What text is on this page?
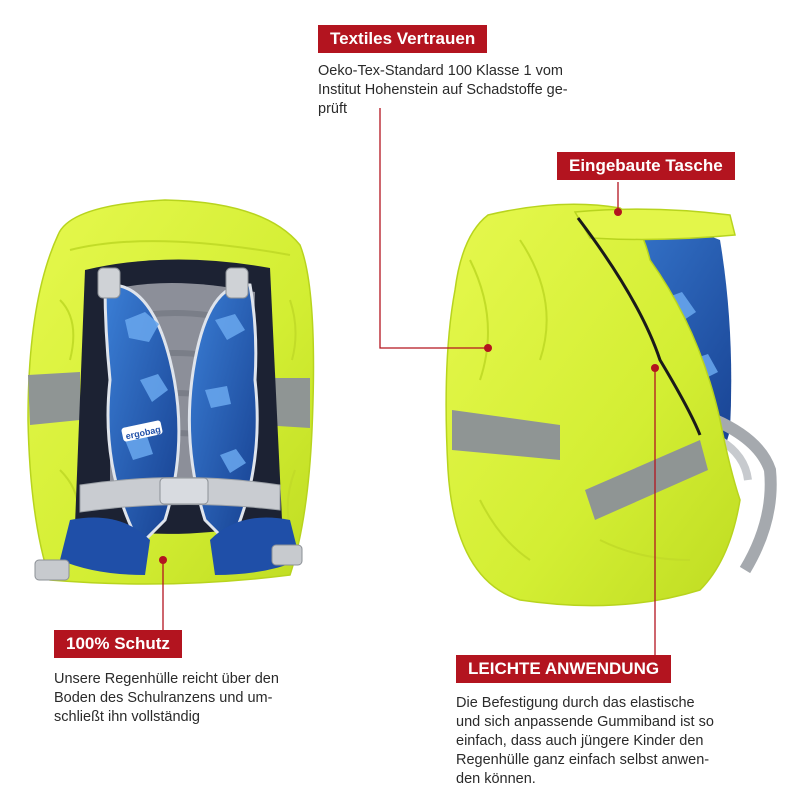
ergobag
Textiles Vertrauen
Oeko-Tex-Standard 100 Klasse 1 vom
Institut Hohenstein auf Schadstoffe ge-
prüft
Eingebaute Tasche
100% Schutz
Unsere Regenhülle reicht über den
Boden des Schulranzens und um-
schließt ihn vollständig
LEICHTE ANWENDUNG
Die Befestigung durch das elastische
und sich anpassende Gummiband ist so
einfach, dass auch jüngere Kinder den
Regenhülle ganz einfach selbst anwen-
den können.
